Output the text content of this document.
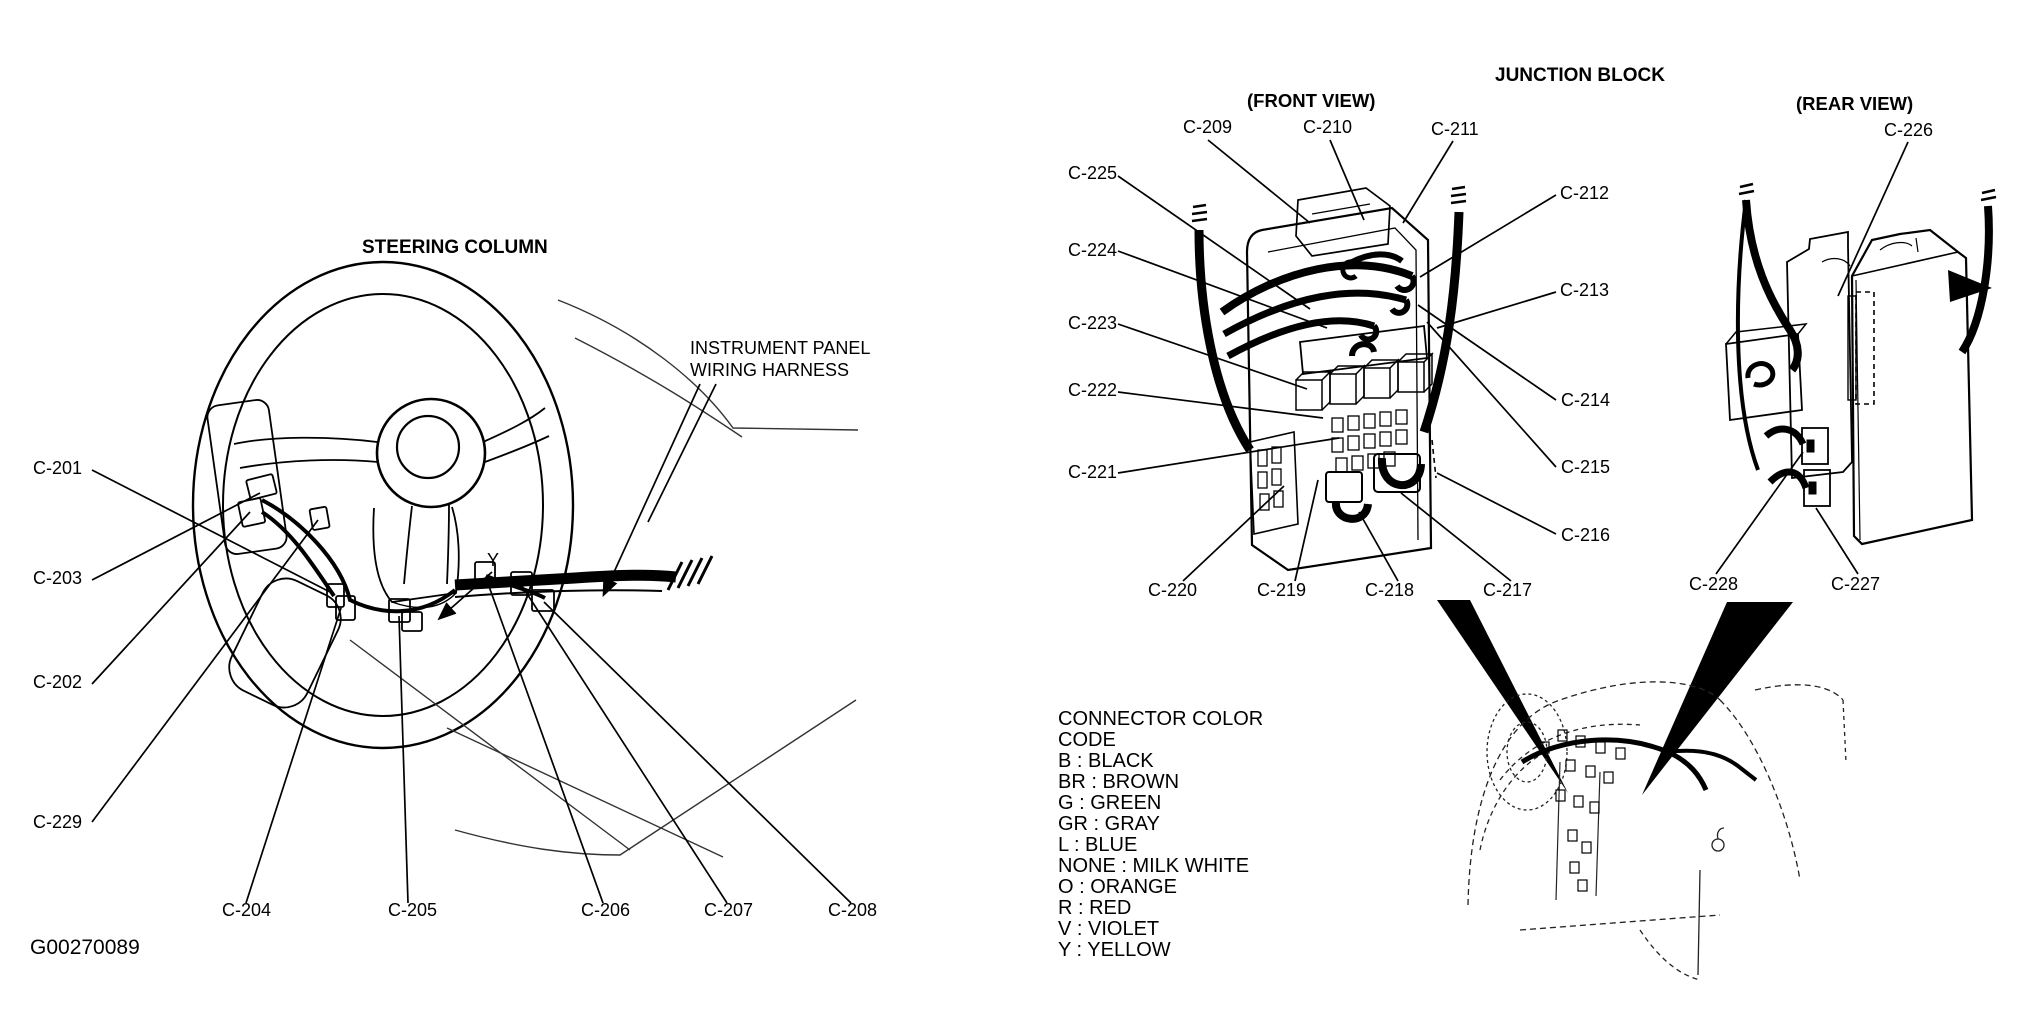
STEERING COLUMN
INSTRUMENT PANEL
WIRING HARNESS
Y
C-201
C-203
C-202
C-229
C-204	C-205	C-206	C-207	C-208
JUNCTION BLOCK
(FRONT VIEW)	(REAR VIEW)
C-209	C-210	C-211
C-225
C-224
C-223
C-222
C-221
C-212
C-213
C-214
C-215
C-216
C-220	C-219	C-218	C-217
C-226
C-228	C-227
CONNECTOR COLOR
CODE
B : BLACK
BR : BROWN
G : GREEN
GR : GRAY
L : BLUE
NONE : MILK WHITE
O : ORANGE
R : RED
V : VIOLET
Y : YELLOW
G00270089
